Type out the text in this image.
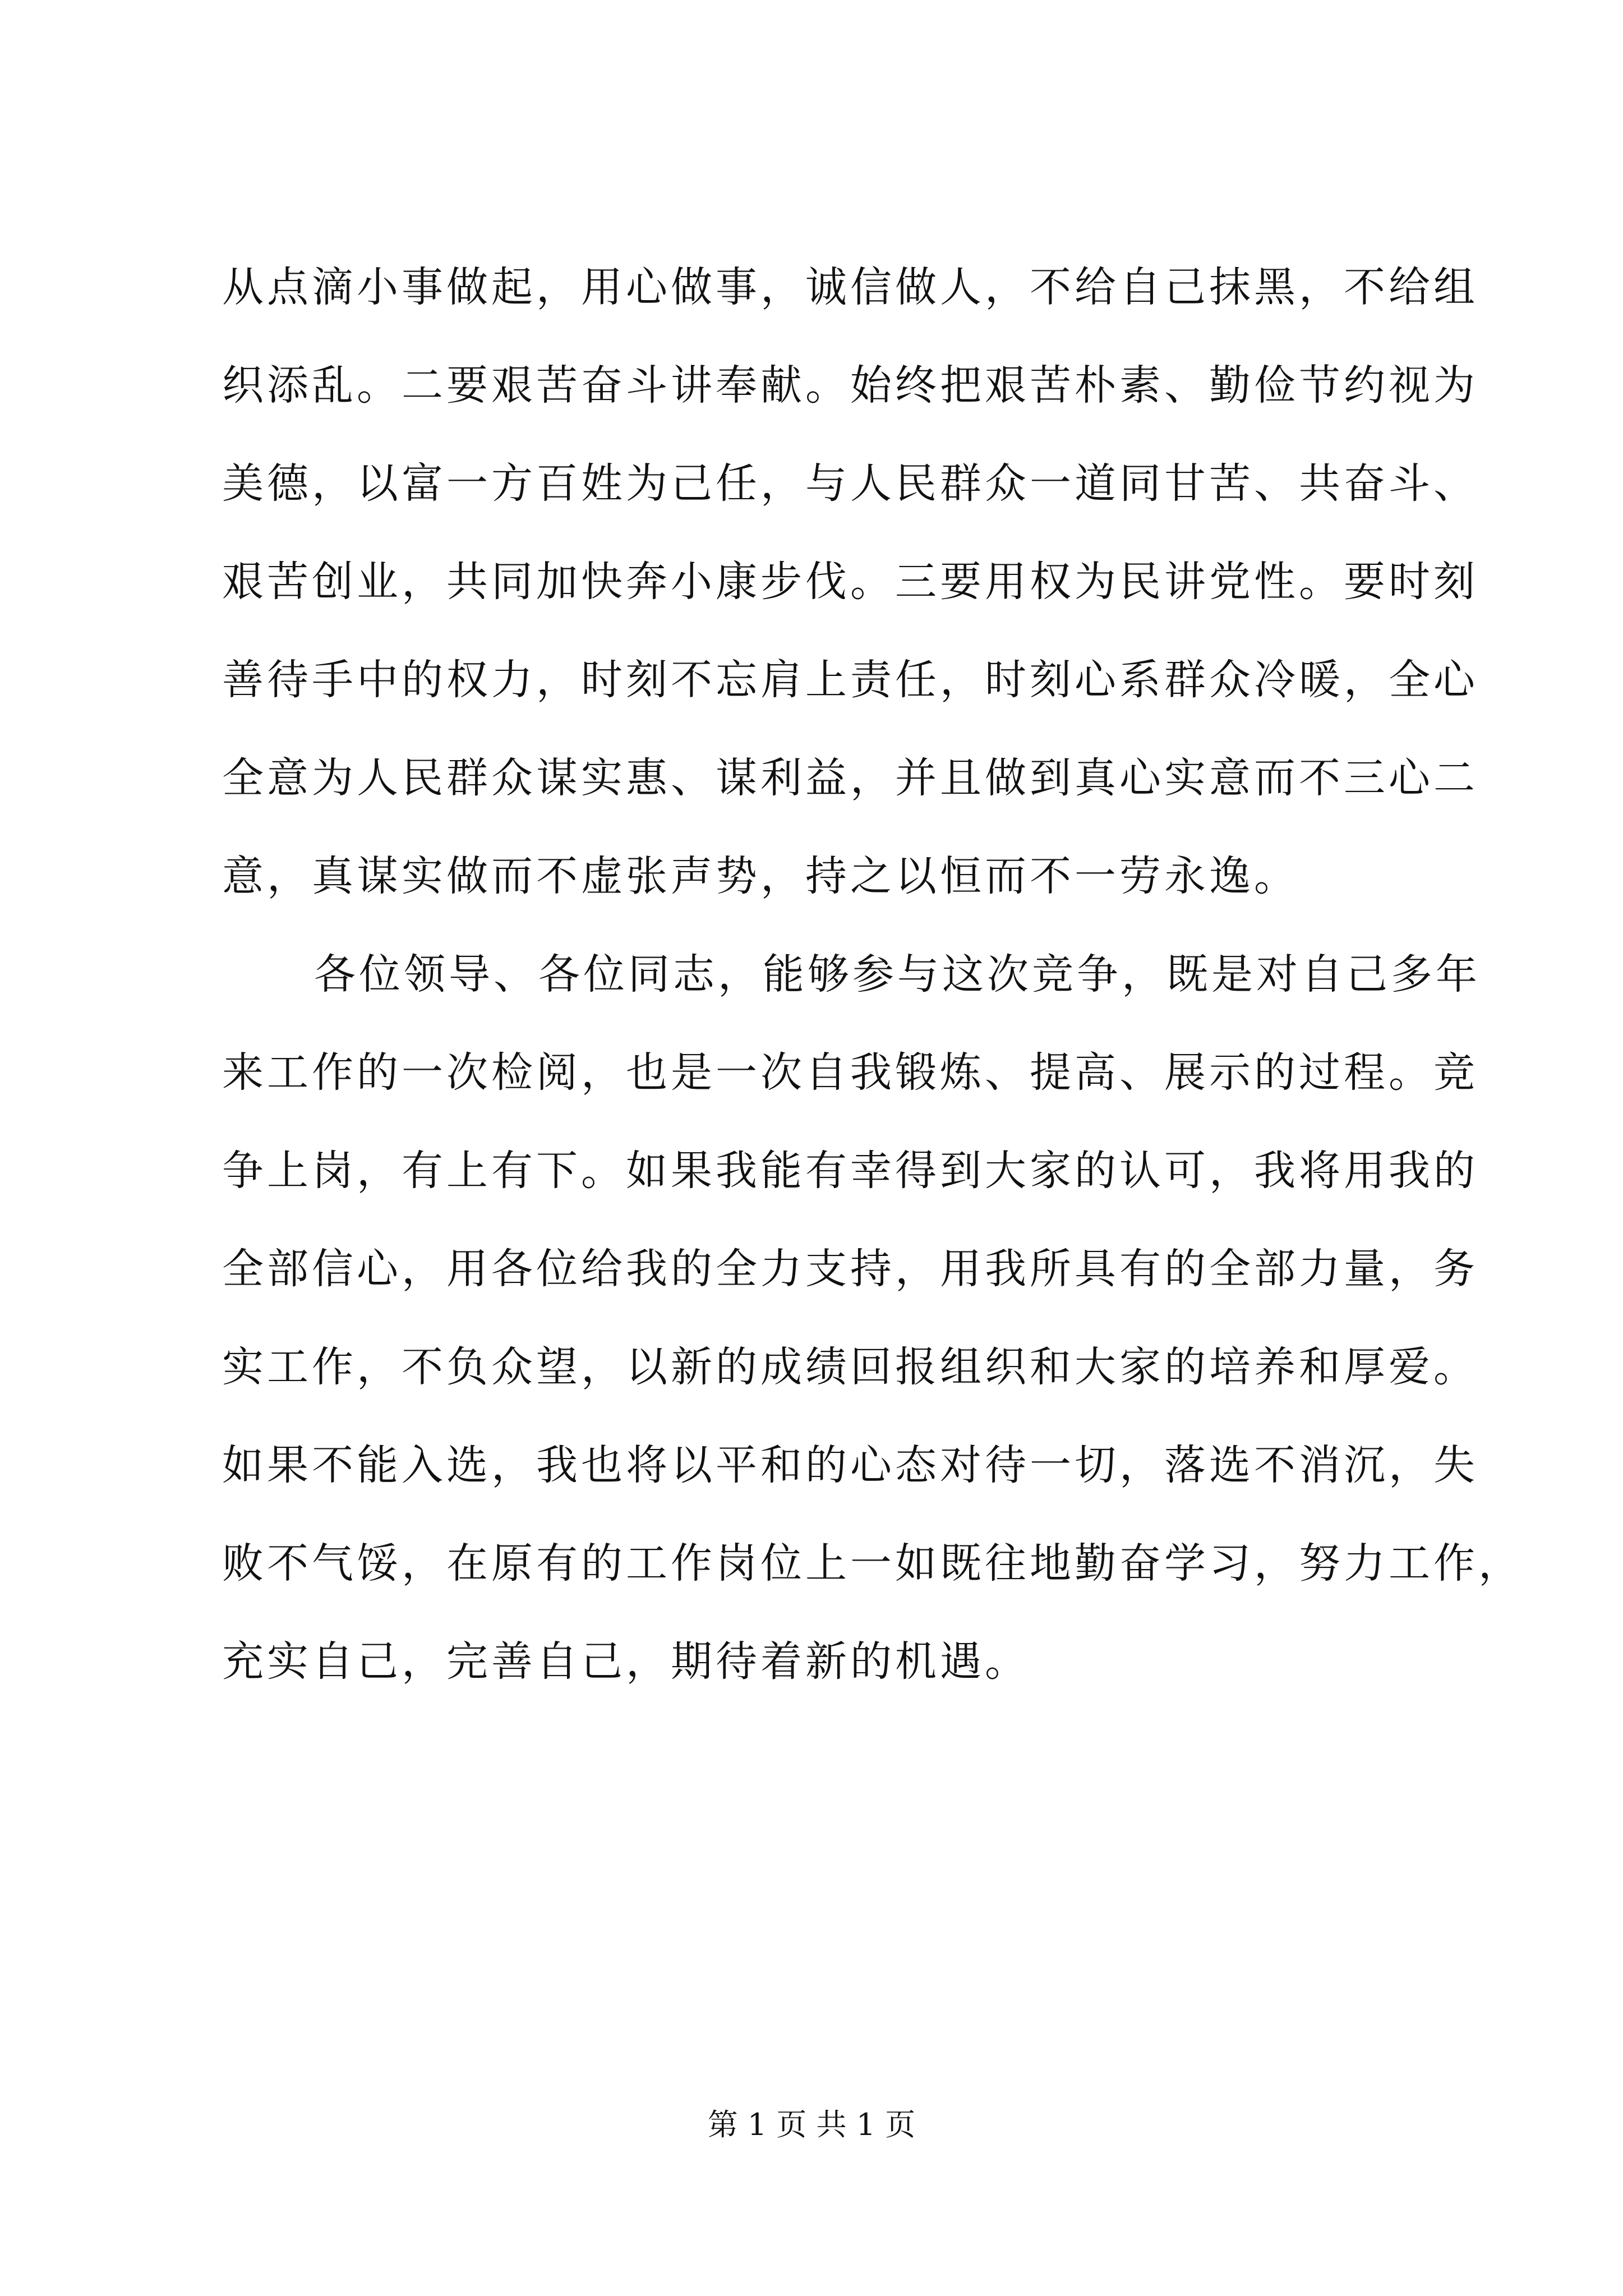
从点滴小事做起，用心做事，诚信做人，不给自己抹黑，不给组
织添乱。二要艰苦奋斗讲奉献。始终把艰苦朴素、勤俭节约视为
美德，以富一方百姓为己任，与人民群众一道同甘苦、共奋斗、
艰苦创业，共同加快奔小康步伐。三要用权为民讲党性。要时刻
善待手中的权力，时刻不忘肩上责任，时刻心系群众冷暖，全心
全意为人民群众谋实惠、谋利益，并且做到真心实意而不三心二
意，真谋实做而不虚张声势，持之以恒而不一劳永逸。
各位领导、各位同志，能够参与这次竞争，既是对自己多年
来工作的一次检阅，也是一次自我锻炼、提高、展示的过程。竞
争上岗，有上有下。如果我能有幸得到大家的认可，我将用我的
全部信心，用各位给我的全力支持，用我所具有的全部力量，务
实工作，不负众望，以新的成绩回报组织和大家的培养和厚爱。
如果不能入选，我也将以平和的心态对待一切，落选不消沉，失
败不气馁，在原有的工作岗位上一如既往地勤奋学习，努力工作，
充实自己，完善自己，期待着新的机遇。
第 1 页 共 1 页
